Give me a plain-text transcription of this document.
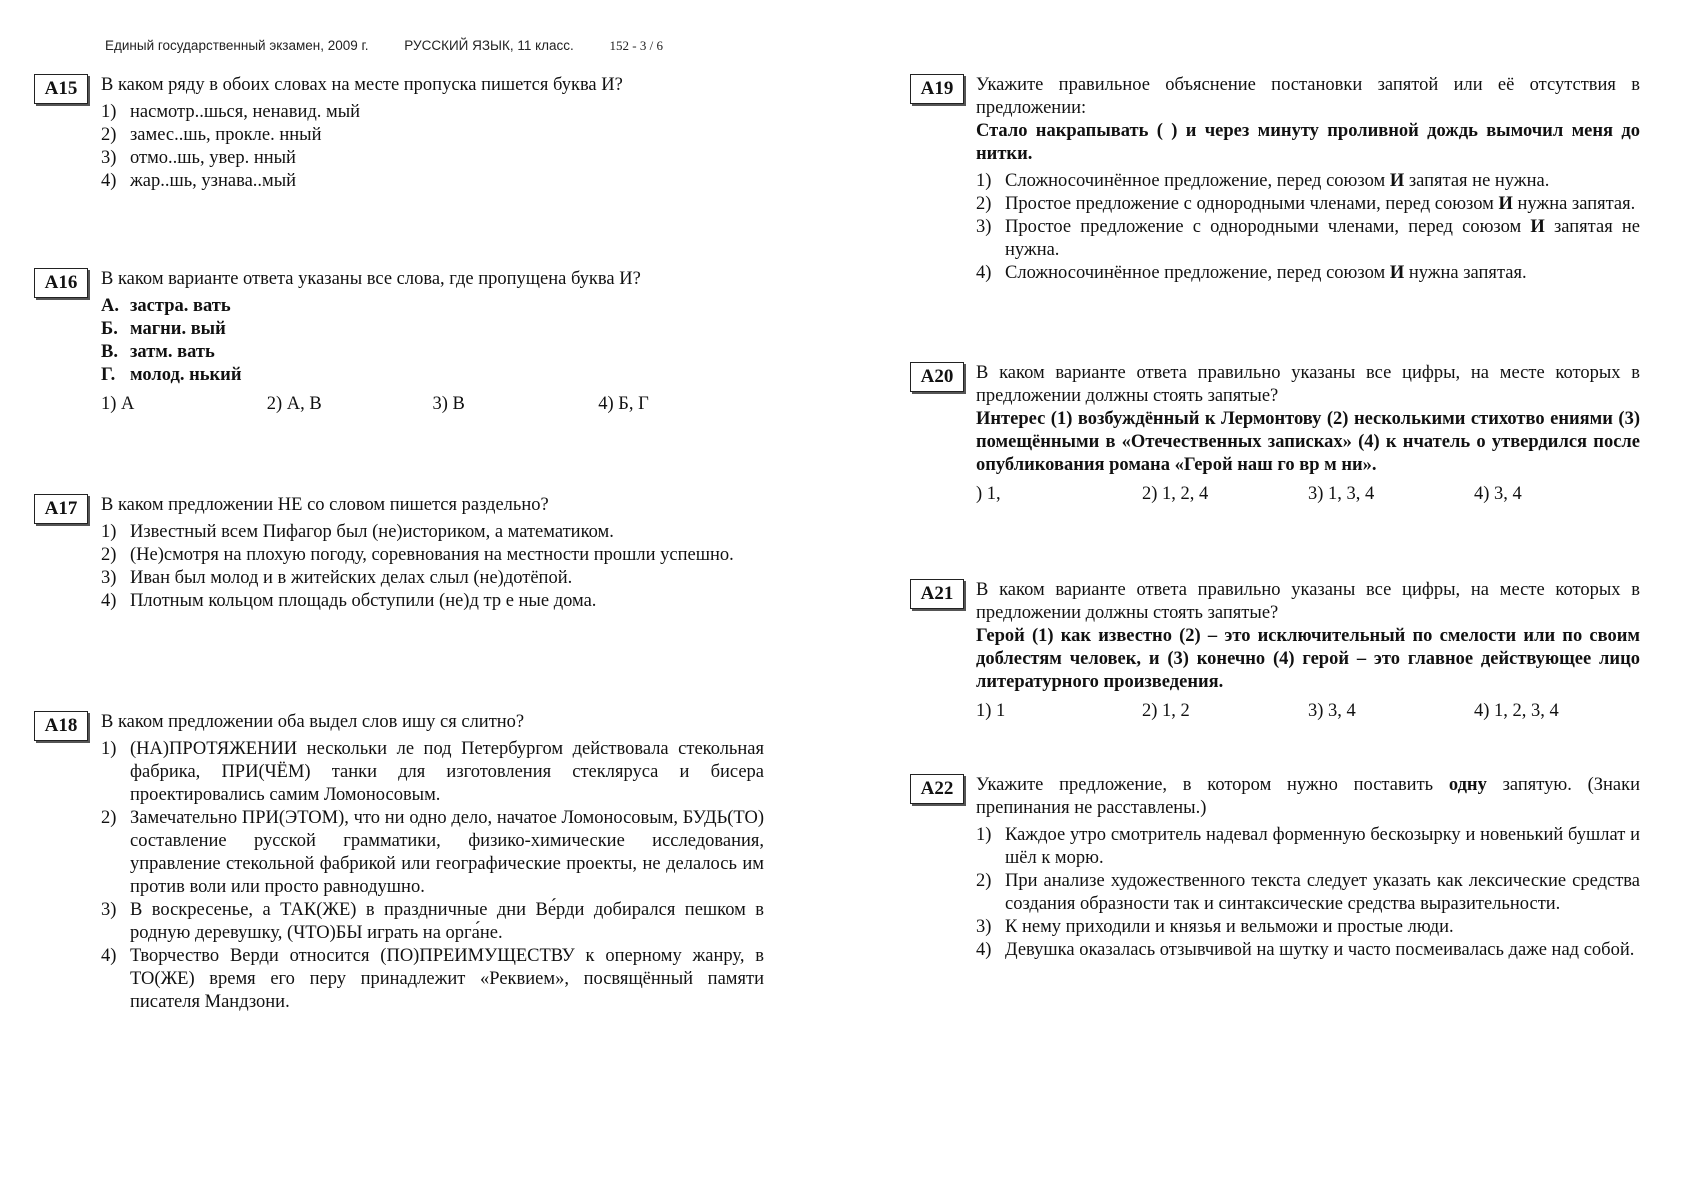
Единый государственный экзамен, 2009 г.	РУССКИЙ ЯЗЫК, 11 класс.	152 - 3 / 6
A15	В каком ряду в обоих словах на месте пропуска пишется буква И?

1) насмотр..шься, ненавид. мый
2) замес..шь, прокле. нный
3) отмо..шь, увер. нный
4) жар..шь, узнава..мый
A16	В каком варианте ответа указаны все слова, где пропущена буква И?

А. застра. вать
Б. магни. вый
В. затм. вать
Г. молод. нький
1) А	2) А, В	3) В	4) Б, Г
A17	В каком предложении НЕ со словом пишется раздельно?

1) Известный всем Пифагор был (не)историком, а математиком.
2) (Не)смотря на плохую погоду, соревнования на местности прошли успешно.
3) Иван был молод и в житейских делах слыл (не)дотёпой.
4) Плотным кольцом площадь обступили (не)д тр е ные дома.
A18	В каком предложении оба выдел слов ишу ся слитно?

1) (НА)ПРОТЯЖЕНИИ нескольки ле под Петербургом действовала стекольная фабрика, ПРИ(ЧЁМ) танки для изготовления стекляруса и бисера проектировались самим Ломоносовым.
2) Замечательно ПРИ(ЭТОМ), что ни одно дело, начатое Ломоносовым, БУДЬ(ТО) составление русской грамматики, физико-химические исследования, управление стекольной фабрикой или географические проекты, не делалось им против воли или просто равнодушно.
3) В воскресенье, а ТАК(ЖЕ) в праздничные дни Ве́рди добирался пешком в родную деревушку, (ЧТО)БЫ играть на орга́не.
4) Творчество Верди относится (ПО)ПРЕИМУЩЕСТВУ к оперному жанру, в ТО(ЖЕ) время его перу принадлежит «Реквием», посвящённый памяти писателя Мандзони.
A19	Укажите правильное объяснение постановки запятой или её отсутствия в предложении:

Стало накрапывать ( ) и через минуту проливной дождь вымочил меня до нитки.

1) Сложносочинённое предложение, перед союзом И запятая не нужна.
2) Простое предложение с однородными членами, перед союзом И нужна запятая.
3) Простое предложение с однородными членами, перед союзом И запятая не нужна.
4) Сложносочинённое предложение, перед союзом И нужна запятая.
A20	В каком варианте ответа правильно указаны все цифры, на месте которых в предложении должны стоять запятые?

Интерес (1) возбуждённый к Лермонтову (2) несколькими стихотво ениями (3) помещёнными в «Отечественных записках» (4) к нчатель о утвердился после опубликования романа «Герой наш го вр м ни».

) 1,	2) 1, 2, 4	3) 1, 3, 4	4) 3, 4
A21	В каком варианте ответа правильно указаны все цифры, на месте которых в предложении должны стоять запятые?

Герой (1) как известно (2) – это исключительный по смелости или по своим доблестям человек, и (3) конечно (4) герой – это главное действующее лицо литературного произведения.

1) 1	2) 1, 2	3) 3, 4	4) 1, 2, 3, 4
A22	Укажите предложение, в котором нужно поставить одну запятую. (Знаки препинания не расставлены.)

1) Каждое утро смотритель надевал форменную бескозырку и новенький бушлат и шёл к морю.
2) При анализе художественного текста следует указать как лексические средства создания образности так и синтаксические средства выразительности.
3) К нему приходили и князья и вельможи и простые люди.
4) Девушка оказалась отзывчивой на шутку и часто посмеивалась даже над собой.
